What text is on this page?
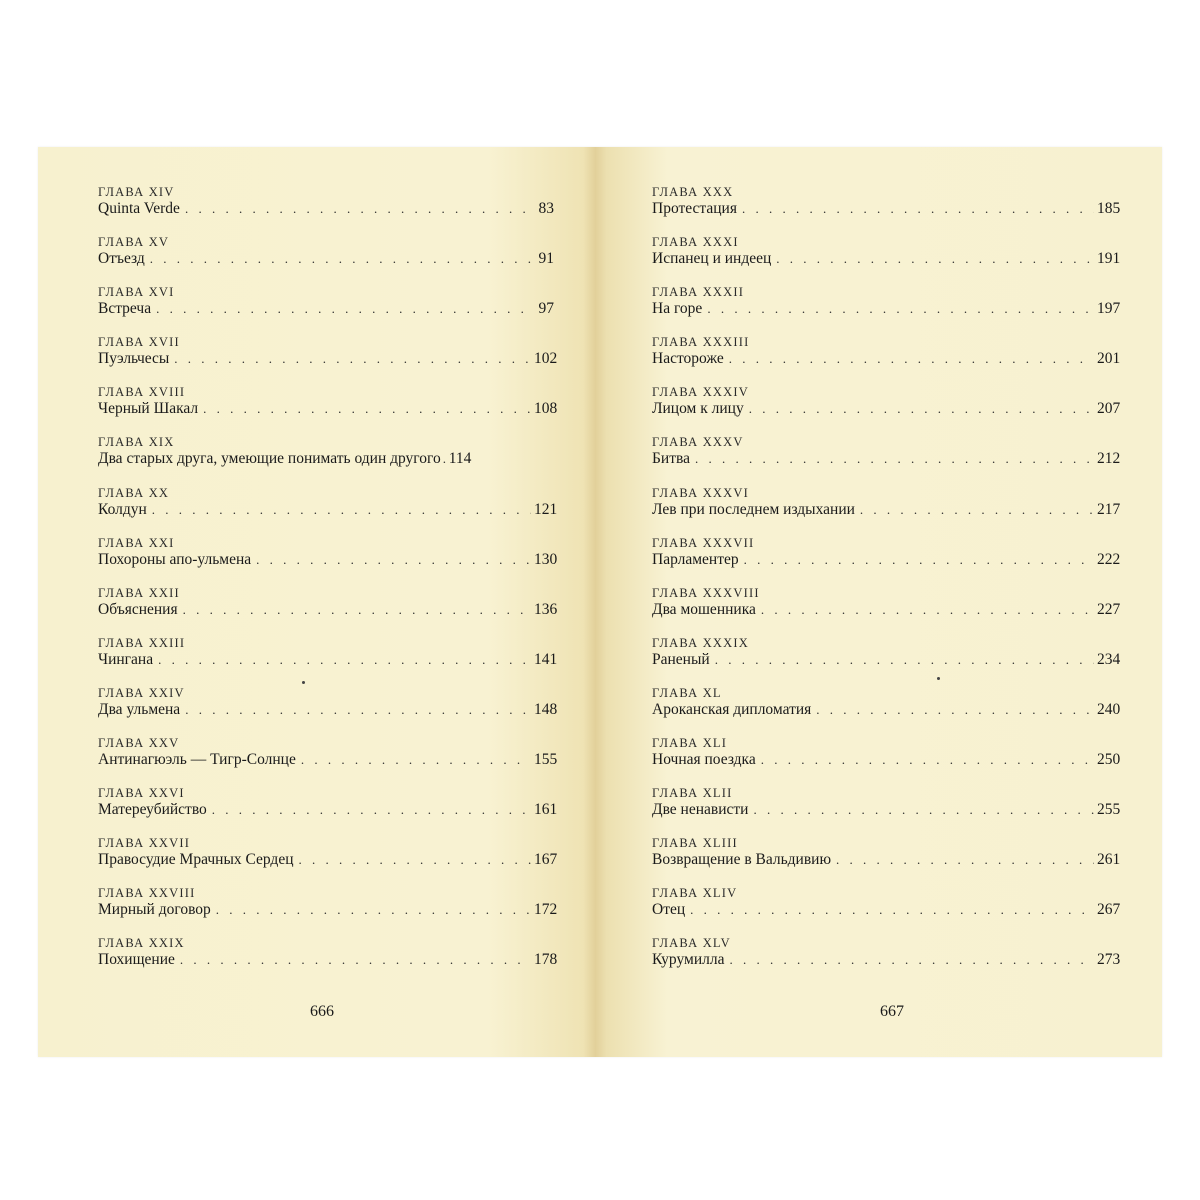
ГЛАВА XIV
Quinta Verde . . .	83
ГЛАВА XV
Отъезд . . .	91
ГЛАВА XVI
Встреча . . .	97
ГЛАВА XVII
Пуэльчесы . . .	102
ГЛАВА XVIII
Черный Шакал . . .	108
ГЛАВА XIX
Два старых друга, умеющие понимать один другого . . . 114
ГЛАВА XX
Колдун . . .	121
ГЛАВА XXI
Похороны апо-ульмена . . .	130
ГЛАВА XXII
Объяснения . . .	136
ГЛАВА XXIII
Чингана . . .	141
ГЛАВА XXIV
Два ульмена . . .	148
ГЛАВА XXV
Антинагюэль — Тигр-Солнце . . .	155
ГЛАВА XXVI
Матереубийство . . .	161
ГЛАВА XXVII
Правосудие Мрачных Сердец . . .	167
ГЛАВА XXVIII
Мирный договор . . .	172
ГЛАВА XXIX
Похищение . . .	178
666
ГЛАВА XXX
Протестация . . .	185
ГЛАВА XXXI
Испанец и индеец . . .	191
ГЛАВА XXXII
На горе . . .	197
ГЛАВА XXXIII
Настороже . . .	201
ГЛАВА XXXIV
Лицом к лицу . . .	207
ГЛАВА XXXV
Битва . . .	212
ГЛАВА XXXVI
Лев при последнем издыхании . . .	217
ГЛАВА XXXVII
Парламентер . . .	222
ГЛАВА XXXVIII
Два мошенника . . .	227
ГЛАВА XXXIX
Раненый . . .	234
ГЛАВА XL
Ароканская дипломатия . . .	240
ГЛАВА XLI
Ночная поездка . . .	250
ГЛАВА XLII
Две ненависти . . .	255
ГЛАВА XLIII
Возвращение в Вальдивию . . .	261
ГЛАВА XLIV
Отец . . .	267
ГЛАВА XLV
Курумилла . . .	273
667
